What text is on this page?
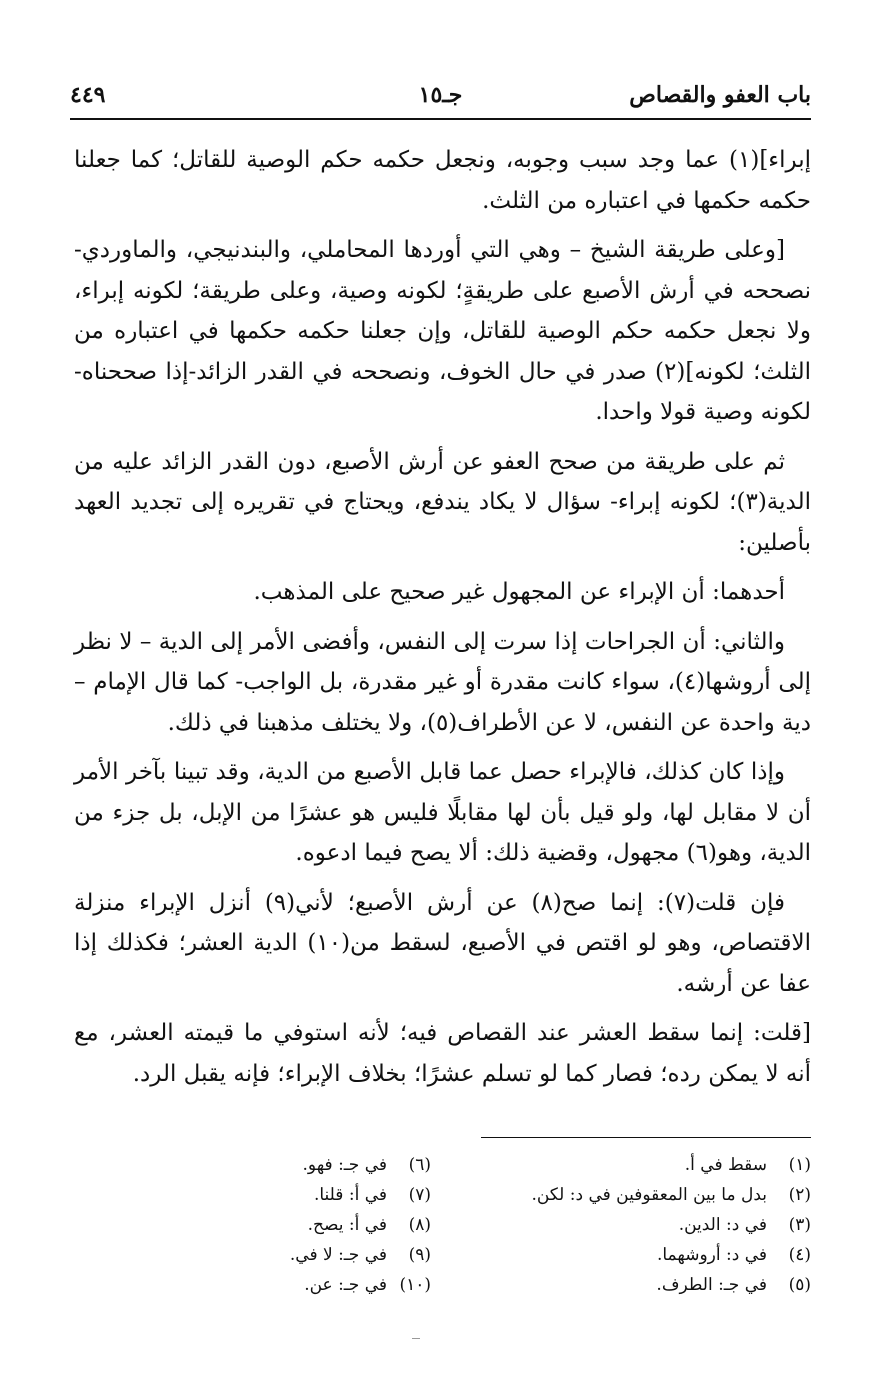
باب العفو والقصاص
جـ١٥
٤٤٩

إبراء](١) عما وجد سبب وجوبه، ونجعل حكمه حكم الوصية للقاتل؛ كما جعلنا حكمه حكمها في اعتباره من الثلث.

[وعلى طريقة الشيخ – وهي التي أوردها المحاملي، والبندنيجي، والماوردي- نصححه في أرش الأصبع على طريقةٍ؛ لكونه وصية، وعلى طريقة؛ لكونه إبراء، ولا نجعل حكمه حكم الوصية للقاتل، وإن جعلنا حكمه حكمها في اعتباره من الثلث؛ لكونه](٢) صدر في حال الخوف، ونصححه في القدر الزائد-إذا صححناه- لكونه وصية قولا واحدا.

ثم على طريقة من صحح العفو عن أرش الأصبع، دون القدر الزائد عليه من الدية(٣)؛ لكونه إبراء- سؤال لا يكاد يندفع، ويحتاج في تقريره إلى تجديد العهد بأصلين:

أحدهما: أن الإبراء عن المجهول غير صحيح على المذهب.

والثاني: أن الجراحات إذا سرت إلى النفس، وأفضى الأمر إلى الدية – لا نظر إلى أروشها(٤)، سواء كانت مقدرة أو غير مقدرة، بل الواجب- كما قال الإمام – دية واحدة عن النفس، لا عن الأطراف(٥)، ولا يختلف مذهبنا في ذلك.

وإذا كان كذلك، فالإبراء حصل عما قابل الأصبع من الدية، وقد تبينا بآخر الأمر أن لا مقابل لها، ولو قيل بأن لها مقابلًا فليس هو عشرًا من الإبل، بل جزء من الدية، وهو(٦) مجهول، وقضية ذلك: ألا يصح فيما ادعوه.

فإن قلت(٧): إنما صح(٨) عن أرش الأصبع؛ لأني(٩) أنزل الإبراء منزلة الاقتصاص، وهو لو اقتص في الأصبع، لسقط من(١٠) الدية العشر؛ فكذلك إذا عفا عن أرشه.

[قلت: إنما سقط العشر عند القصاص فيه؛ لأنه استوفي ما قيمته العشر، مع أنه لا يمكن رده؛ فصار كما لو تسلم عشرًا؛ بخلاف الإبراء؛ فإنه يقبل الرد.

(١)سقط في أ.
(٢)بدل ما بين المعقوفين في د: لكن.
(٣)في د: الدين.
(٤)في د: أروشهما.
(٥)في جـ: الطرف.
(٦)في جـ: فهو.
(٧)في أ: قلنا.
(٨)في أ: يصح.
(٩)في جـ: لا في.
(١٠)في جـ: عن.
